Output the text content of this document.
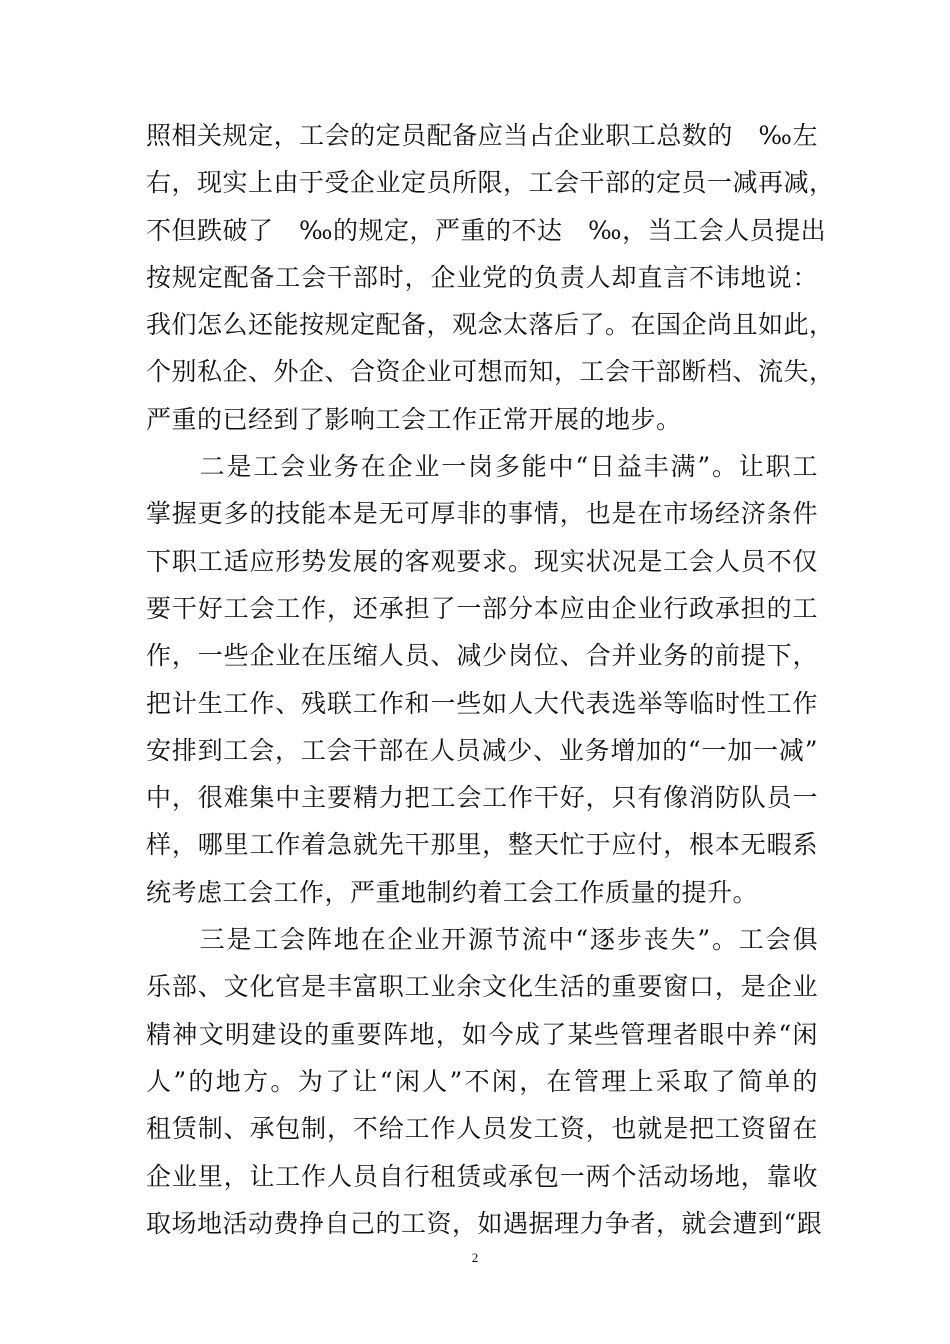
照相关规定，工会的定员配备应当占企业职工总数的　‰左
右，现实上由于受企业定员所限，工会干部的定员一减再减，
不但跌破了　‰的规定，严重的不达　‰，当工会人员提出
按规定配备工会干部时，企业党的负责人却直言不讳地说：
我们怎么还能按规定配备，观念太落后了。在国企尚且如此，
个别私企、外企、合资企业可想而知，工会干部断档、流失，
严重的已经到了影响工会工作正常开展的地步。
　　二是工会业务在企业一岗多能中“日益丰满”。让职工
掌握更多的技能本是无可厚非的事情，也是在市场经济条件
下职工适应形势发展的客观要求。现实状况是工会人员不仅
要干好工会工作，还承担了一部分本应由企业行政承担的工
作，一些企业在压缩人员、减少岗位、合并业务的前提下，
把计生工作、残联工作和一些如人大代表选举等临时性工作
安排到工会，工会干部在人员减少、业务增加的“一加一减”
中，很难集中主要精力把工会工作干好，只有像消防队员一
样，哪里工作着急就先干那里，整天忙于应付，根本无暇系
统考虑工会工作，严重地制约着工会工作质量的提升。
　　三是工会阵地在企业开源节流中“逐步丧失”。工会俱
乐部、文化官是丰富职工业余文化生活的重要窗口，是企业
精神文明建设的重要阵地，如今成了某些管理者眼中养“闲
人”的地方。为了让“闲人”不闲，在管理上采取了简单的
租赁制、承包制，不给工作人员发工资，也就是把工资留在
企业里，让工作人员自行租赁或承包一两个活动场地，靠收
取场地活动费挣自己的工资，如遇据理力争者，就会遭到“跟
2
